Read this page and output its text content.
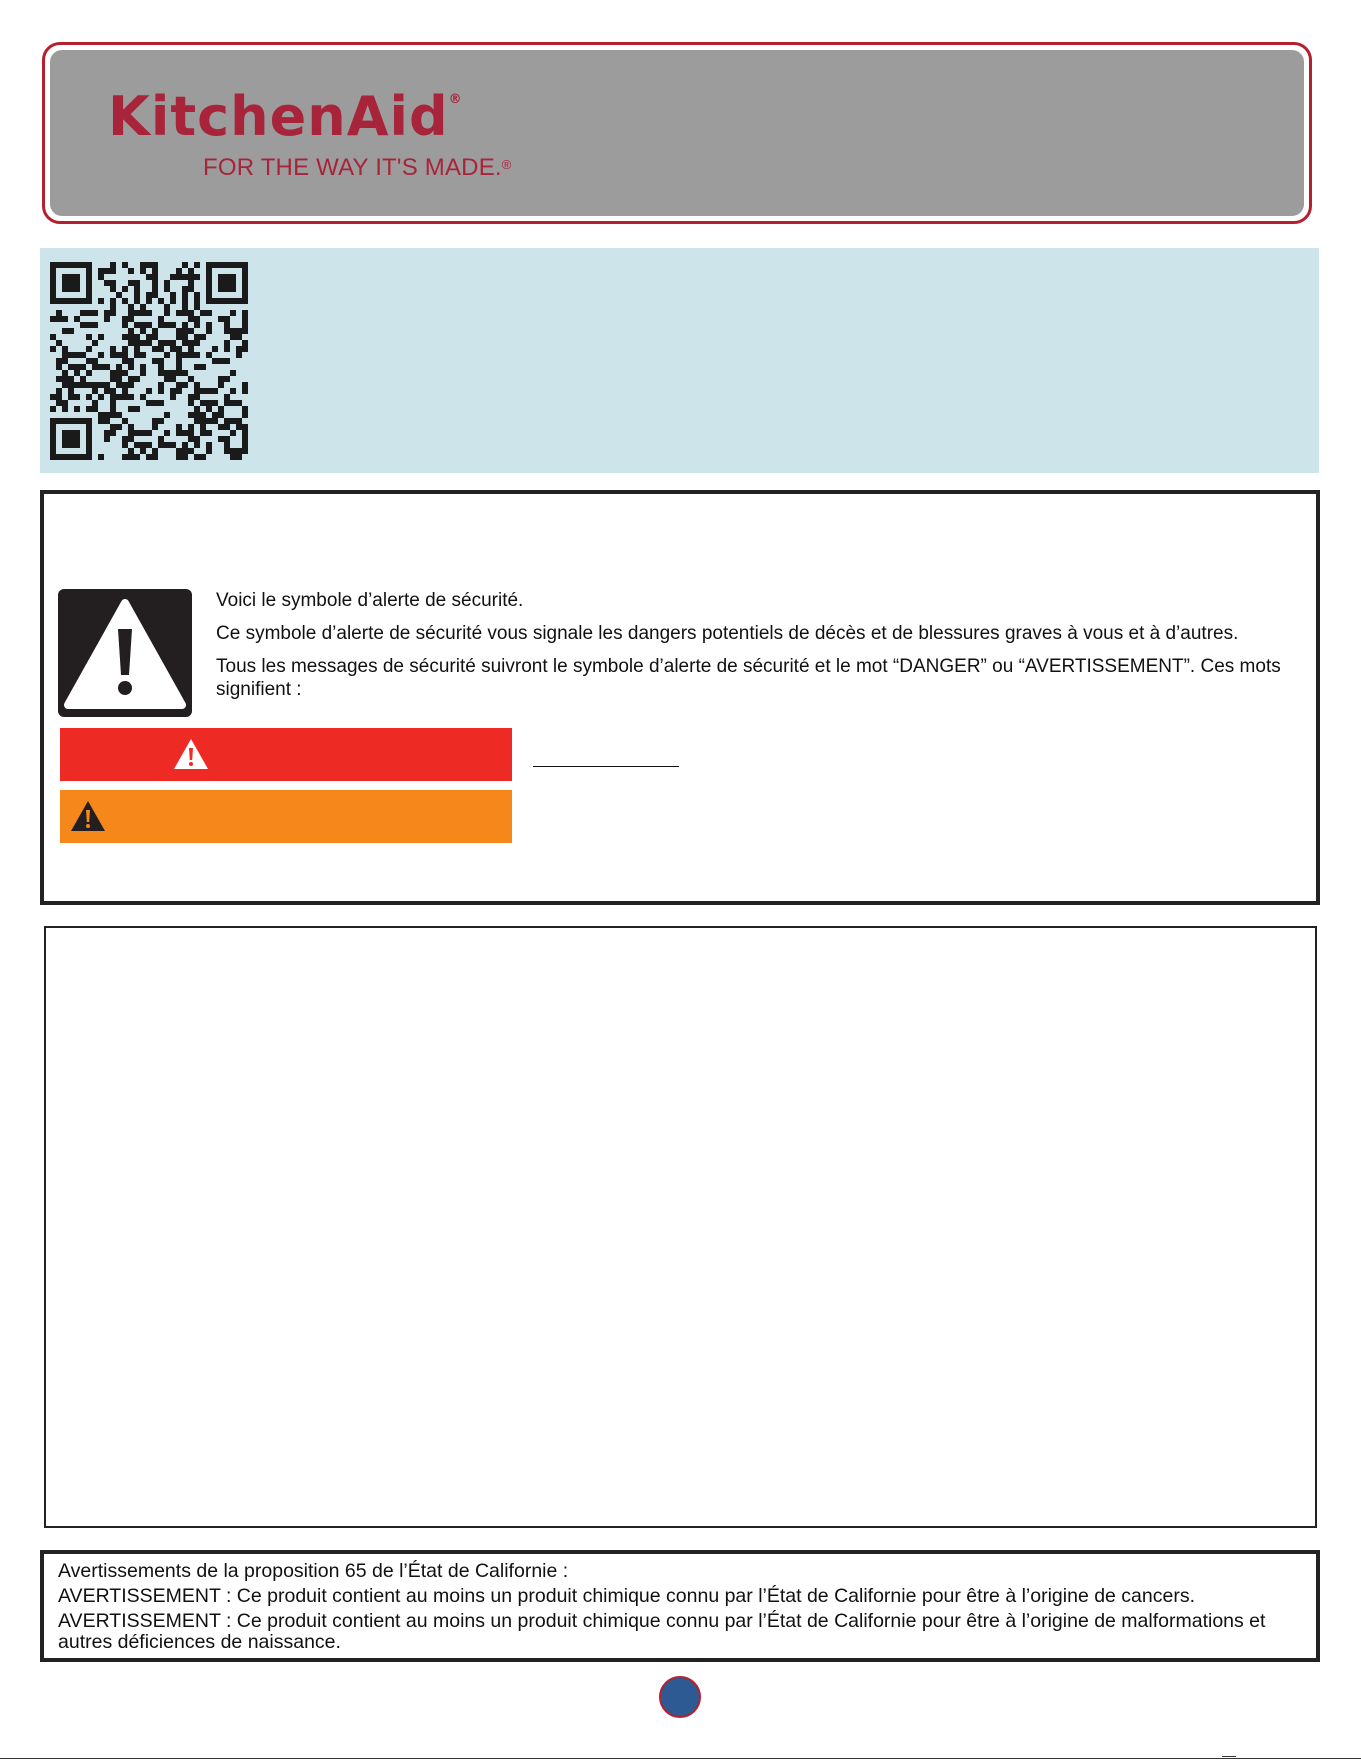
KitchenAid®
FOR THE WAY IT'S MADE.®

Voici le symbole d’alerte de sécurité.

Ce symbole d’alerte de sécurité vous signale les dangers potentiels de décès et de blessures graves à vous et à d’autres.

Tous les messages de sécurité suivront le symbole d’alerte de sécurité et le mot “DANGER” ou “AVERTISSEMENT”. Ces mots signifient :

Avertissements de la proposition 65 de l’État de Californie :

AVERTISSEMENT : Ce produit contient au moins un produit chimique connu par l’État de Californie pour être à l’origine de cancers.

AVERTISSEMENT : Ce produit contient au moins un produit chimique connu par l’État de Californie pour être à l’origine de malformations et autres déficiences de naissance.
